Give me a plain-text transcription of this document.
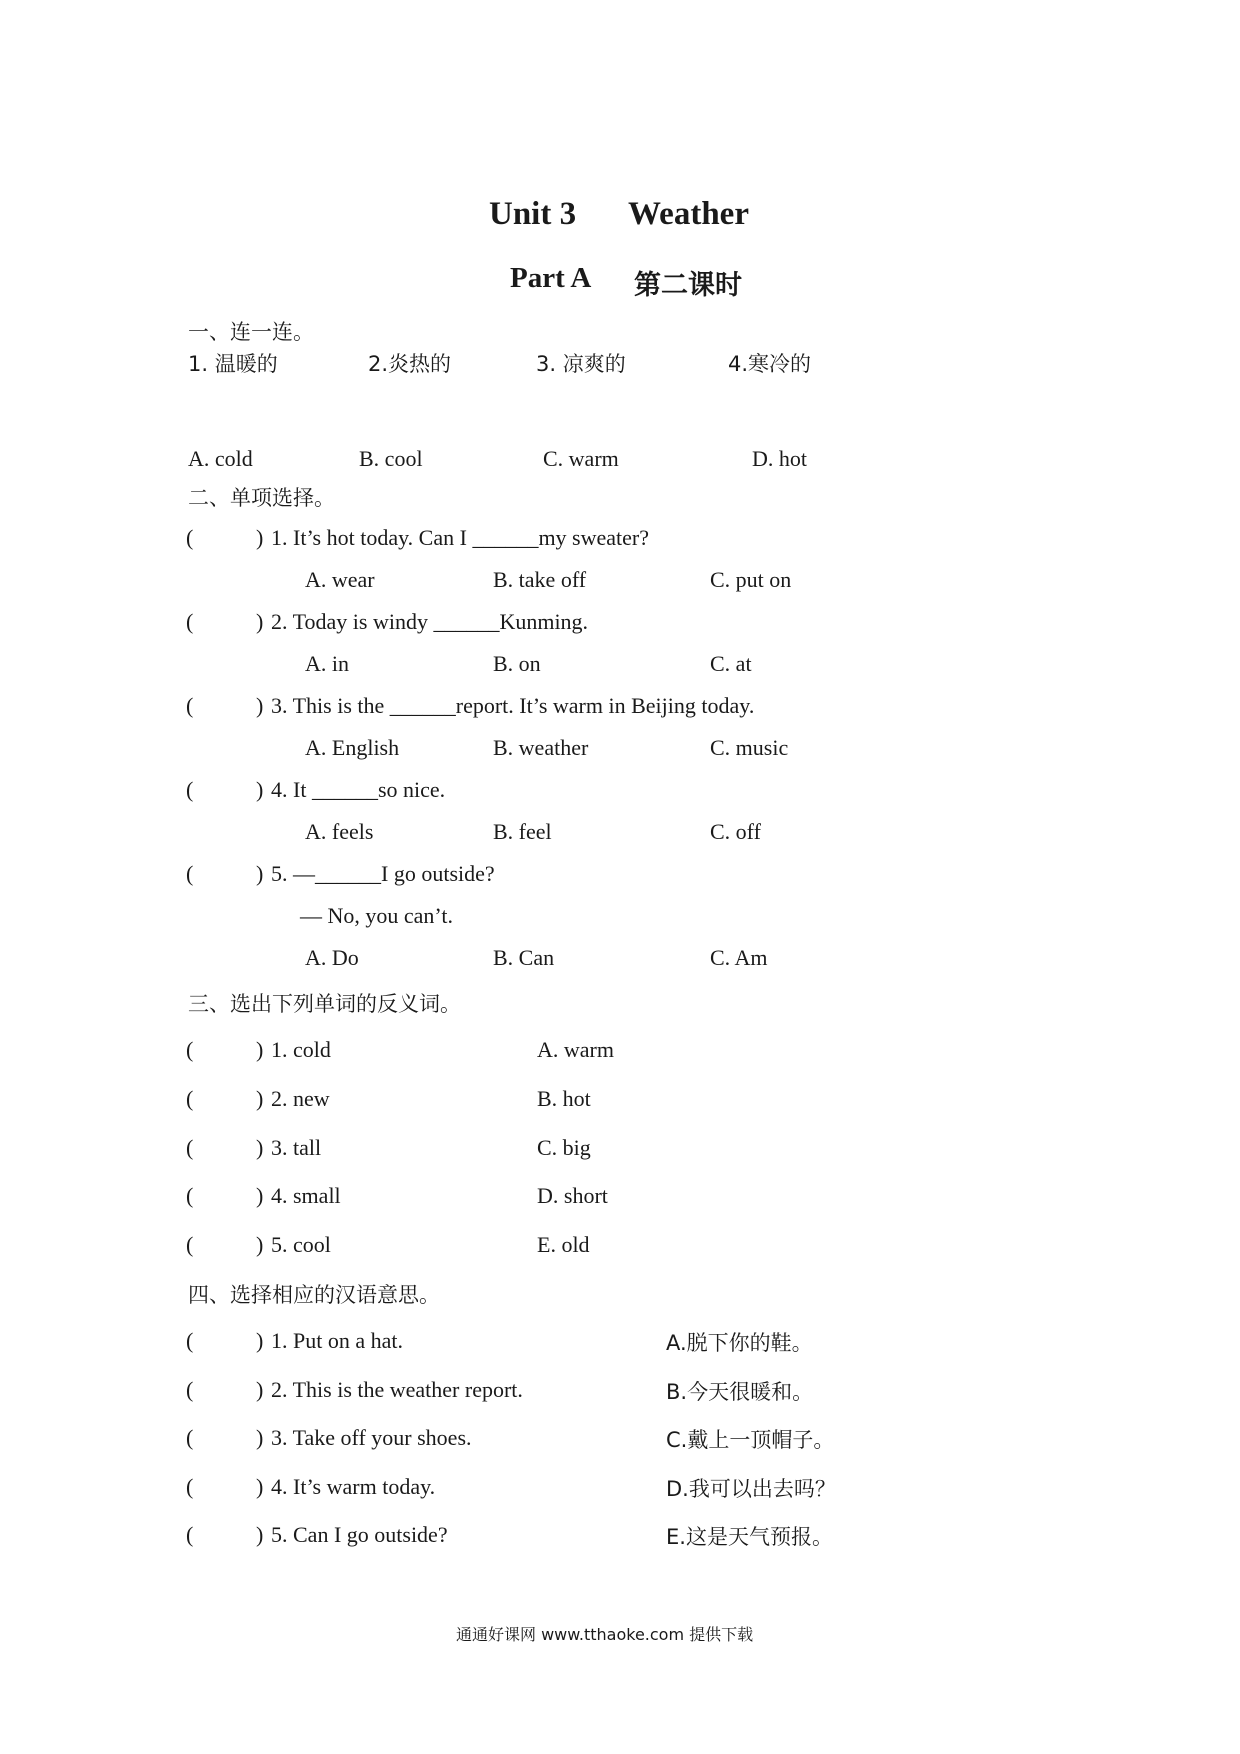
Unit 3 Weather
Part A 第二课时
一、连一连。
1. 温暖的	2.炎热的	3. 凉爽的	4.寒冷的
A. cold	B. cool	C. warm	D. hot
二、单项选择。
(	) 1. It’s hot today. Can I ______my sweater?
A. wear	B. take off	C. put on
(	) 2. Today is windy ______Kunming.
A. in	B. on	C. at
(	) 3. This is the ______report. It’s warm in Beijing today.
A. English	B. weather	C. music
(	) 4. It ______so nice.
A. feels	B. feel	C. off
(	) 5. —______I go outside?
— No, you can’t.
A. Do	B. Can	C. Am
三、选出下列单词的反义词。
(	) 1. cold	A. warm
(	) 2. new	B. hot
(	) 3. tall	C. big
(	) 4. small	D. short
(	) 5. cool	E. old
四、选择相应的汉语意思。
(	) 1. Put on a hat.	A.脱下你的鞋。
(	) 2. This is the weather report.	B.今天很暖和。
(	) 3. Take off your shoes.	C.戴上一顶帽子。
(	) 4. It’s warm today.	D.我可以出去吗？
(	) 5. Can I go outside?	E.这是天气预报。
通通好课网 www.tthaoke.com 提供下载
